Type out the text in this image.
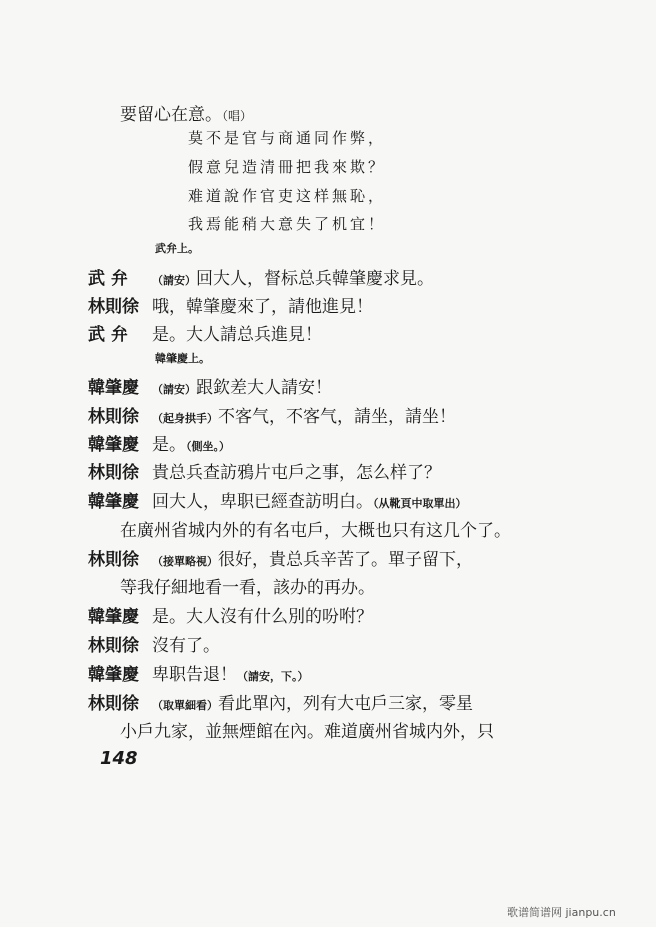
要留心在意。（唱）
莫不是官与商通同作弊，
假意兒造清冊把我來欺？
难道說作官吏这样無恥，
我焉能稍大意失了机宜！
武弁上。
武 弁 （請安）回大人，督标总兵韓肇慶求見。
林則徐 哦，韓肇慶來了，請他進見！
武 弁 是。大人請总兵進見！
韓肇慶上。
韓肇慶 （請安）跟欽差大人請安！
林則徐 （起身拱手）不客气，不客气，請坐，請坐！
韓肇慶 是。（側坐。）
林則徐 貴总兵查訪鴉片屯戶之事，怎么样了？
韓肇慶 回大人，卑职已經查訪明白。（从靴頁中取單出）
在廣州省城内外的有名屯戶，大概也只有这几个了。
林則徐 （接單略視）很好，貴总兵辛苦了。單子留下，
等我仔細地看一看，該办的再办。
韓肇慶 是。大人沒有什么別的吩咐？
林則徐 沒有了。
韓肇慶 卑职告退！（請安，下。）
林則徐 （取單細看）看此單內，列有大屯戶三家，零星
小戶九家，並無煙館在內。难道廣州省城内外，只
148
歌谱简谱网 jianpu.cn
